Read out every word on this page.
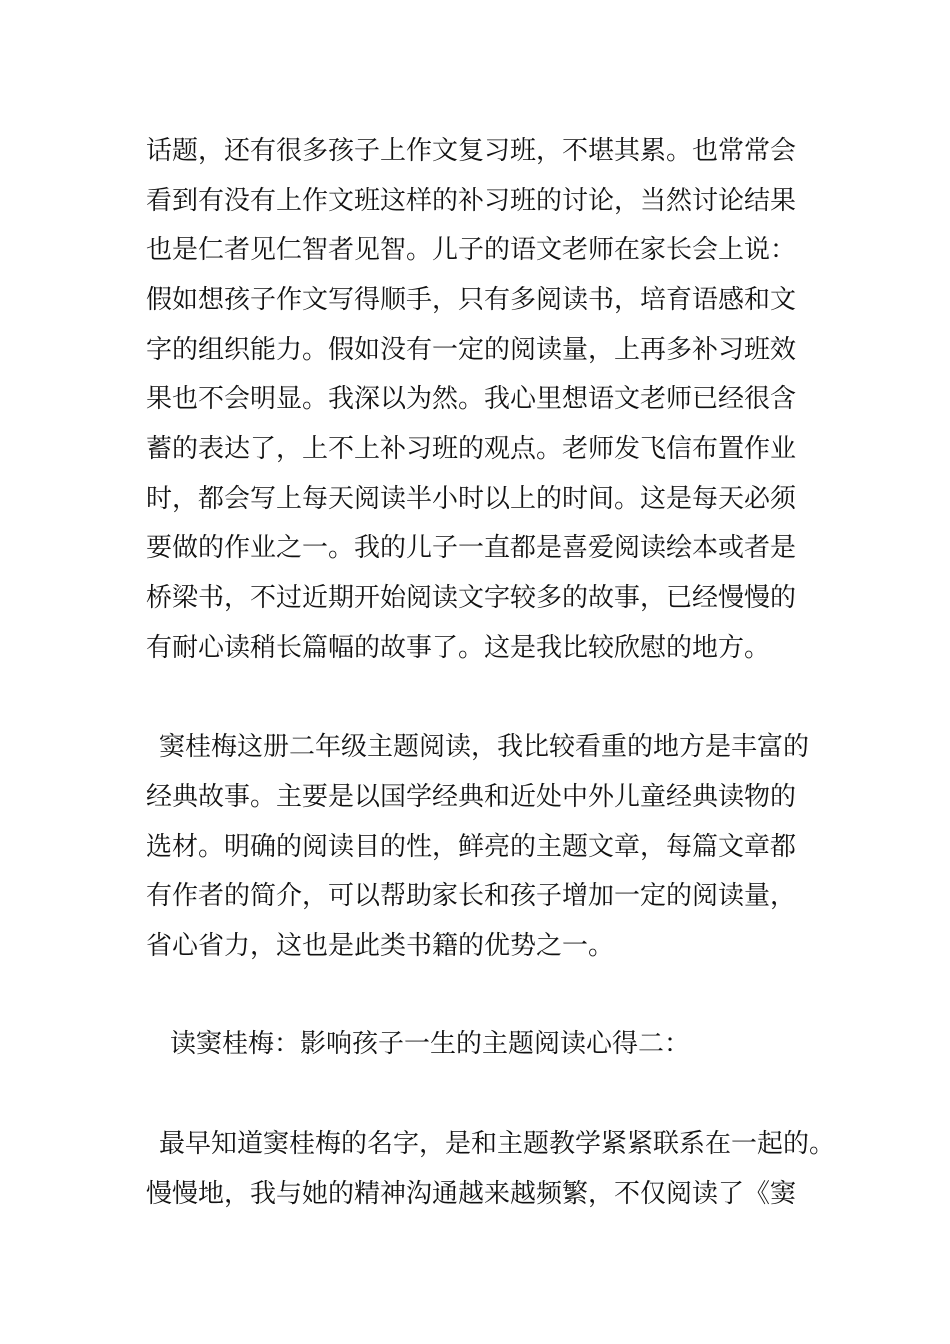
话题，还有很多孩子上作文复习班，不堪其累。也常常会
看到有没有上作文班这样的补习班的讨论，当然讨论结果
也是仁者见仁智者见智。儿子的语文老师在家长会上说：
假如想孩子作文写得顺手，只有多阅读书，培育语感和文
字的组织能力。假如没有一定的阅读量，上再多补习班效
果也不会明显。我深以为然。我心里想语文老师已经很含
蓄的表达了，上不上补习班的观点。老师发飞信布置作业
时，都会写上每天阅读半小时以上的时间。这是每天必须
要做的作业之一。我的儿子一直都是喜爱阅读绘本或者是
桥梁书，不过近期开始阅读文字较多的故事，已经慢慢的
有耐心读稍长篇幅的故事了。这是我比较欣慰的地方。
窦桂梅这册二年级主题阅读，我比较看重的地方是丰富的
经典故事。主要是以国学经典和近处中外儿童经典读物的
选材。明确的阅读目的性，鲜亮的主题文章，每篇文章都
有作者的简介，可以帮助家长和孩子增加一定的阅读量，
省心省力，这也是此类书籍的优势之一。
读窦桂梅：影响孩子一生的主题阅读心得二：
最早知道窦桂梅的名字，是和主题教学紧紧联系在一起的。
慢慢地，我与她的精神沟通越来越频繁，不仅阅读了《窦
